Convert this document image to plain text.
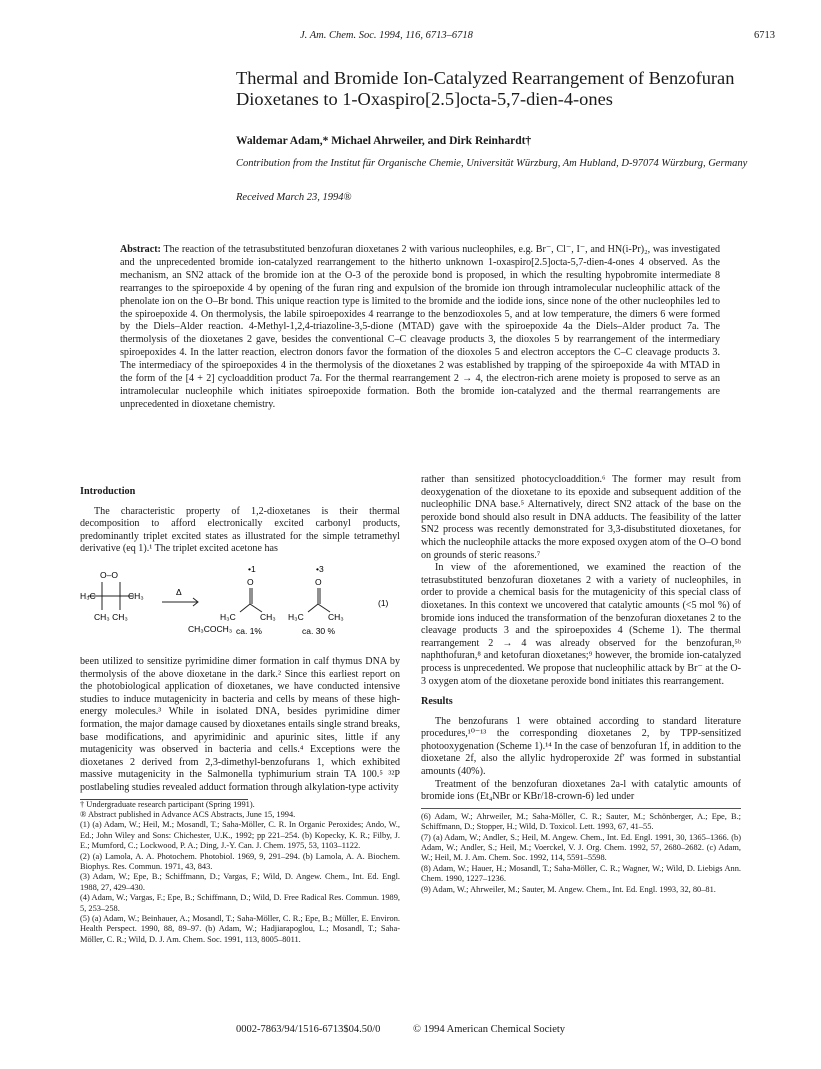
J. Am. Chem. Soc. 1994, 116, 6713–6718	6713
Thermal and Bromide Ion-Catalyzed Rearrangement of Benzofuran Dioxetanes to 1-Oxaspiro[2.5]octa-5,7-dien-4-ones
Waldemar Adam,* Michael Ahrweiler, and Dirk Reinhardt†
Contribution from the Institut für Organische Chemie, Universität Würzburg, Am Hubland, D-97074 Würzburg, Germany
Received March 23, 1994®

Abstract: The reaction of the tetrasubstituted benzofuran dioxetanes 2 with various nucleophiles, e.g. Br⁻, Cl⁻, I⁻, and HN(i-Pr)₂, was investigated and the unprecedented bromide ion-catalyzed rearrangement to the hitherto unknown 1-oxaspiro[2.5]octa-5,7-dien-4-ones 4 observed. As the mechanism, an SN2 attack of the bromide ion at the O-3 of the peroxide bond is proposed, in which the resulting hypobromite intermediate 8 rearranges to the spiroepoxide 4 by opening of the furan ring and expulsion of the bromide ion through intramolecular nucleophilic attack of the phenolate ion on the O–Br bond. This unique reaction type is limited to the bromide and the iodide ions, since none of the other nucleophiles led to the spiroepoxide 4. On thermolysis, the labile spiroepoxides 4 rearrange to the benzodioxoles 5, and at low temperature, the dimers 6 were formed by the Diels–Alder reaction. 4-Methyl-1,2,4-triazoline-3,5-dione (MTAD) gave with the spiroepoxide 4a the Diels–Alder product 7a. The thermolysis of the dioxetanes 2 gave, besides the conventional C–C cleavage products 3, the dioxoles 5 by rearrangement of the intermediary spiroepoxides 4. In the latter reaction, electron donors favor the formation of the dioxoles 5 and electron acceptors the C–C cleavage products 3. The intermediacy of the spiroepoxides 4 in the thermolysis of the dioxetanes 2 was established by trapping of the spiroepoxide 4a with MTAD in the form of the [4 + 2] cycloaddition product 7a. For the thermal rearrangement 2 → 4, the electron-rich arene moiety is proposed to serve as an intramolecular nucleophile which initiates spiroepoxide formation. Both the bromide ion-catalyzed and the thermal rearrangements are unprecedented in dioxetane chemistry.

Introduction

The characteristic property of 1,2-dioxetanes is their thermal decomposition to afford electronically excited carbonyl products, predominantly triplet excited states as illustrated for the simple tetramethyl derivative (eq 1).¹ The triplet excited acetone has

O–O
H₃C	CH₃
CH₃ CH₃
Δ
CH₃COCH₃
•1
O
H₃C	CH₃
ca. 1%
•3
O
H₃C	CH₃
ca. 30 %
(1)

been utilized to sensitize pyrimidine dimer formation in calf thymus DNA by thermolysis of the above dioxetane in the dark.² Since this earliest report on the photobiological application of dioxetanes, we have conducted intensive studies to induce mutagenicity in bacteria and cells by means of these high-energy molecules.³ While in isolated DNA, besides pyrimidine dimer formation, the major damage caused by dioxetanes entails single strand breaks, base modifications, and apyrimidinic and apurinic sites, little if any mutagenicity was observed in bacteria and cells.⁴ Exceptions were the dioxetanes 2 derived from 2,3-dimethyl-benzofurans 1, which exhibited massive mutagenicity in the Salmonella typhimurium strain TA 100.⁵ ³²P postlabeling studies revealed adduct formation through alkylation-type activity

† Undergraduate research participant (Spring 1991).

® Abstract published in Advance ACS Abstracts, June 15, 1994.

(1) (a) Adam, W.; Heil, M.; Mosandl, T.; Saha-Möller, C. R. In Organic Peroxides; Ando, W., Ed.; John Wiley and Sons: Chichester, U.K., 1992; pp 221–254. (b) Kopecky, K. R.; Filby, J. E.; Mumford, C.; Lockwood, P. A.; Ding, J.-Y. Can. J. Chem. 1975, 53, 1103–1122.

(2) (a) Lamola, A. A. Photochem. Photobiol. 1969, 9, 291–294. (b) Lamola, A. A. Biochem. Biophys. Res. Commun. 1971, 43, 843.

(3) Adam, W.; Epe, B.; Schiffmann, D.; Vargas, F.; Wild, D. Angew. Chem., Int. Ed. Engl. 1988, 27, 429–430.

(4) Adam, W.; Vargas, F.; Epe, B.; Schiffmann, D.; Wild, D. Free Radical Res. Commun. 1989, 5, 253–258.

(5) (a) Adam, W.; Beinhauer, A.; Mosandl, T.; Saha-Möller, C. R.; Epe, B.; Müller, E. Environ. Health Perspect. 1990, 88, 89–97. (b) Adam, W.; Hadjiarapoglou, L.; Mosandl, T.; Saha-Möller, C. R.; Wild, D. J. Am. Chem. Soc. 1991, 113, 8005–8011.

rather than sensitized photocycloaddition.⁶ The former may result from deoxygenation of the dioxetane to its epoxide and subsequent addition of the nucleophilic DNA base.⁵ Alternatively, direct SN2 attack of the base on the peroxide bond should also result in DNA adducts. The feasibility of the latter SN2 process was recently demonstrated for 3,3-disubstituted dioxetanes, for which the nucleophile attacks the more exposed oxygen atom of the O–O bond on grounds of steric reasons.⁷

In view of the aforementioned, we examined the reaction of the tetrasubstituted benzofuran dioxetanes 2 with a variety of nucleophiles, in order to provide a chemical basis for the mutagenicity of this special class of dioxetanes. In this context we uncovered that catalytic amounts (<5 mol %) of bromide ions induced the transformation of the benzofuran dioxetanes 2 to the cleavage products 3 and the spiroepoxides 4 (Scheme 1). The thermal rearrangement 2 → 4 was already observed for the benzofuran,⁵ᵇ naphthofuran,⁸ and ketofuran dioxetanes;⁹ however, the bromide ion-catalyzed process is unprecedented. We propose that nucleophilic attack by Br⁻ at the O-3 oxygen atom of the dioxetane peroxide bond initiates this rearrangement.

Results

The benzofurans 1 were obtained according to standard literature procedures,¹⁰⁻¹³ the corresponding dioxetanes 2, by TPP-sensitized photooxygenation (Scheme 1).¹⁴ In the case of benzofuran 1f, in addition to the dioxetane 2f, also the allylic hydroperoxide 2f′ was formed in substantial amounts (40%).

Treatment of the benzofuran dioxetanes 2a-l with catalytic amounts of bromide ions (Et₄NBr or KBr/18-crown-6) led under

(6) Adam, W.; Ahrweiler, M.; Saha-Möller, C. R.; Sauter, M.; Schönberger, A.; Epe, B.; Schiffmann, D.; Stopper, H.; Wild, D. Toxicol. Lett. 1993, 67, 41–55.

(7) (a) Adam, W.; Andler, S.; Heil, M. Angew. Chem., Int. Ed. Engl. 1991, 30, 1365–1366. (b) Adam, W.; Andler, S.; Heil, M.; Voerckel, V. J. Org. Chem. 1992, 57, 2680–2682. (c) Adam, W.; Heil, M. J. Am. Chem. Soc. 1992, 114, 5591–5598.

(8) Adam, W.; Hauer, H.; Mosandl, T.; Saha-Möller, C. R.; Wagner, W.; Wild, D. Liebigs Ann. Chem. 1990, 1227–1236.

(9) Adam, W.; Ahrweiler, M.; Sauter, M. Angew. Chem., Int. Ed. Engl. 1993, 32, 80–81.

0002-7863/94/1516-6713$04.50/0	© 1994 American Chemical Society
